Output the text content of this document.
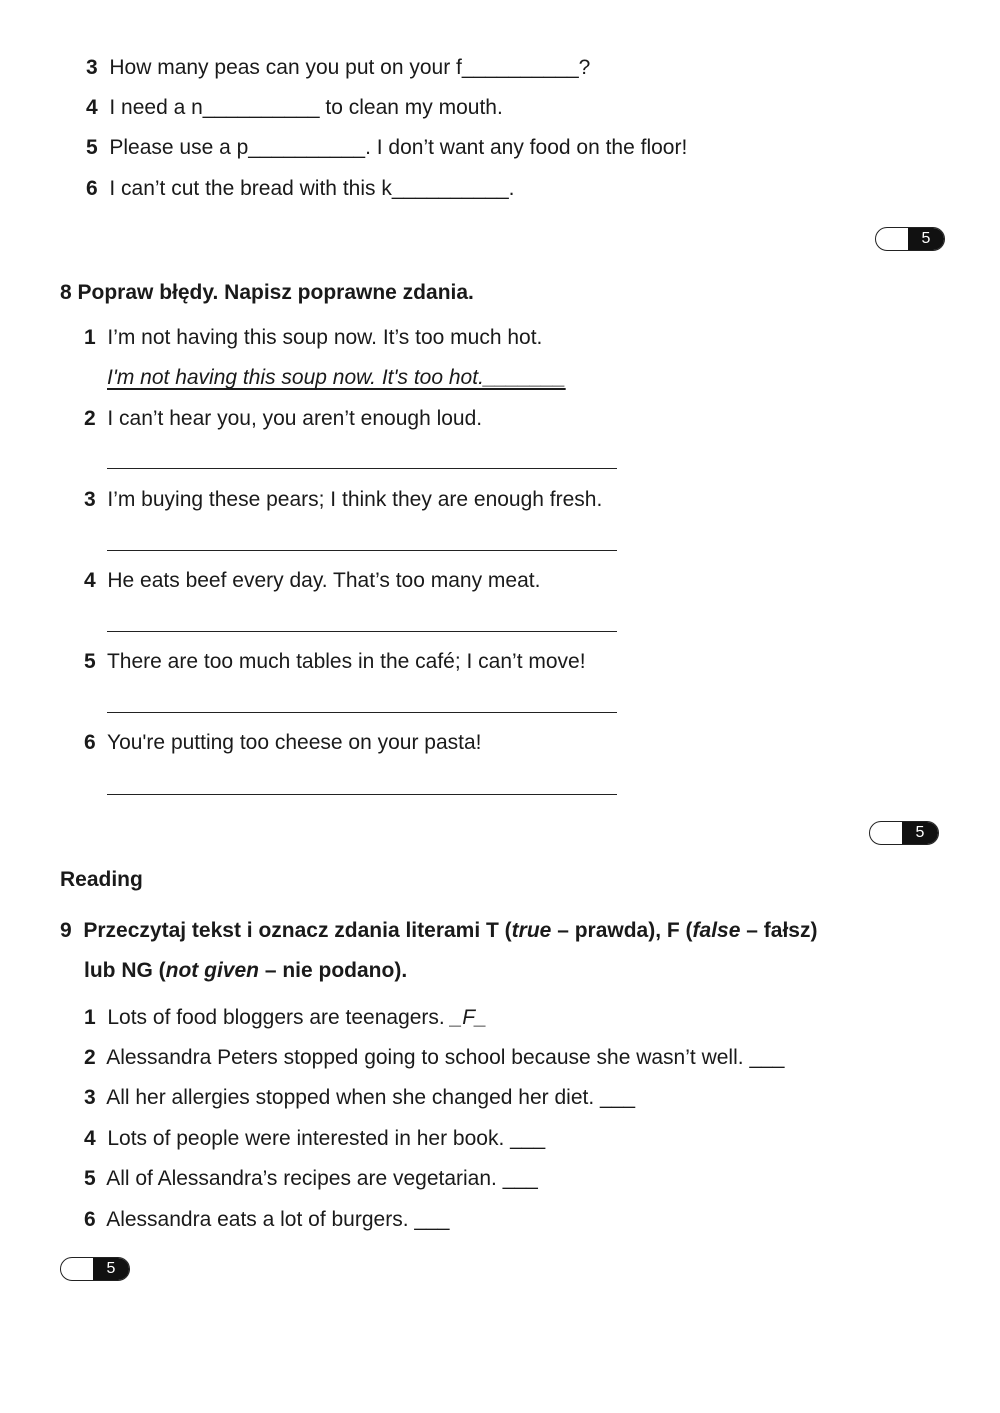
3 How many peas can you put on your f__________?
4 I need a n__________ to clean my mouth.
5 Please use a p__________. I don’t want any food on the floor!
6 I can’t cut the bread with this k__________.
5
8 Popraw błędy. Napisz poprawne zdania.
1 I’m not having this soup now. It’s too much hot.
I'm not having this soup now. It's too hot._______
2 I can’t hear you, you aren’t enough loud.
3 I’m buying these pears; I think they are enough fresh.
4 He eats beef every day. That’s too many meat.
5 There are too much tables in the café; I can’t move!
6 You're putting too cheese on your pasta!
5
Reading
9 Przeczytaj tekst i oznacz zdania literami T (true – prawda), F (false – fałsz)
lub NG (not given – nie podano).
1 Lots of food bloggers are teenagers. _F_
2 Alessandra Peters stopped going to school because she wasn’t well. ___
3 All her allergies stopped when she changed her diet. ___
4 Lots of people were interested in her book. ___
5 All of Alessandra’s recipes are vegetarian. ___
6 Alessandra eats a lot of burgers. ___
5
